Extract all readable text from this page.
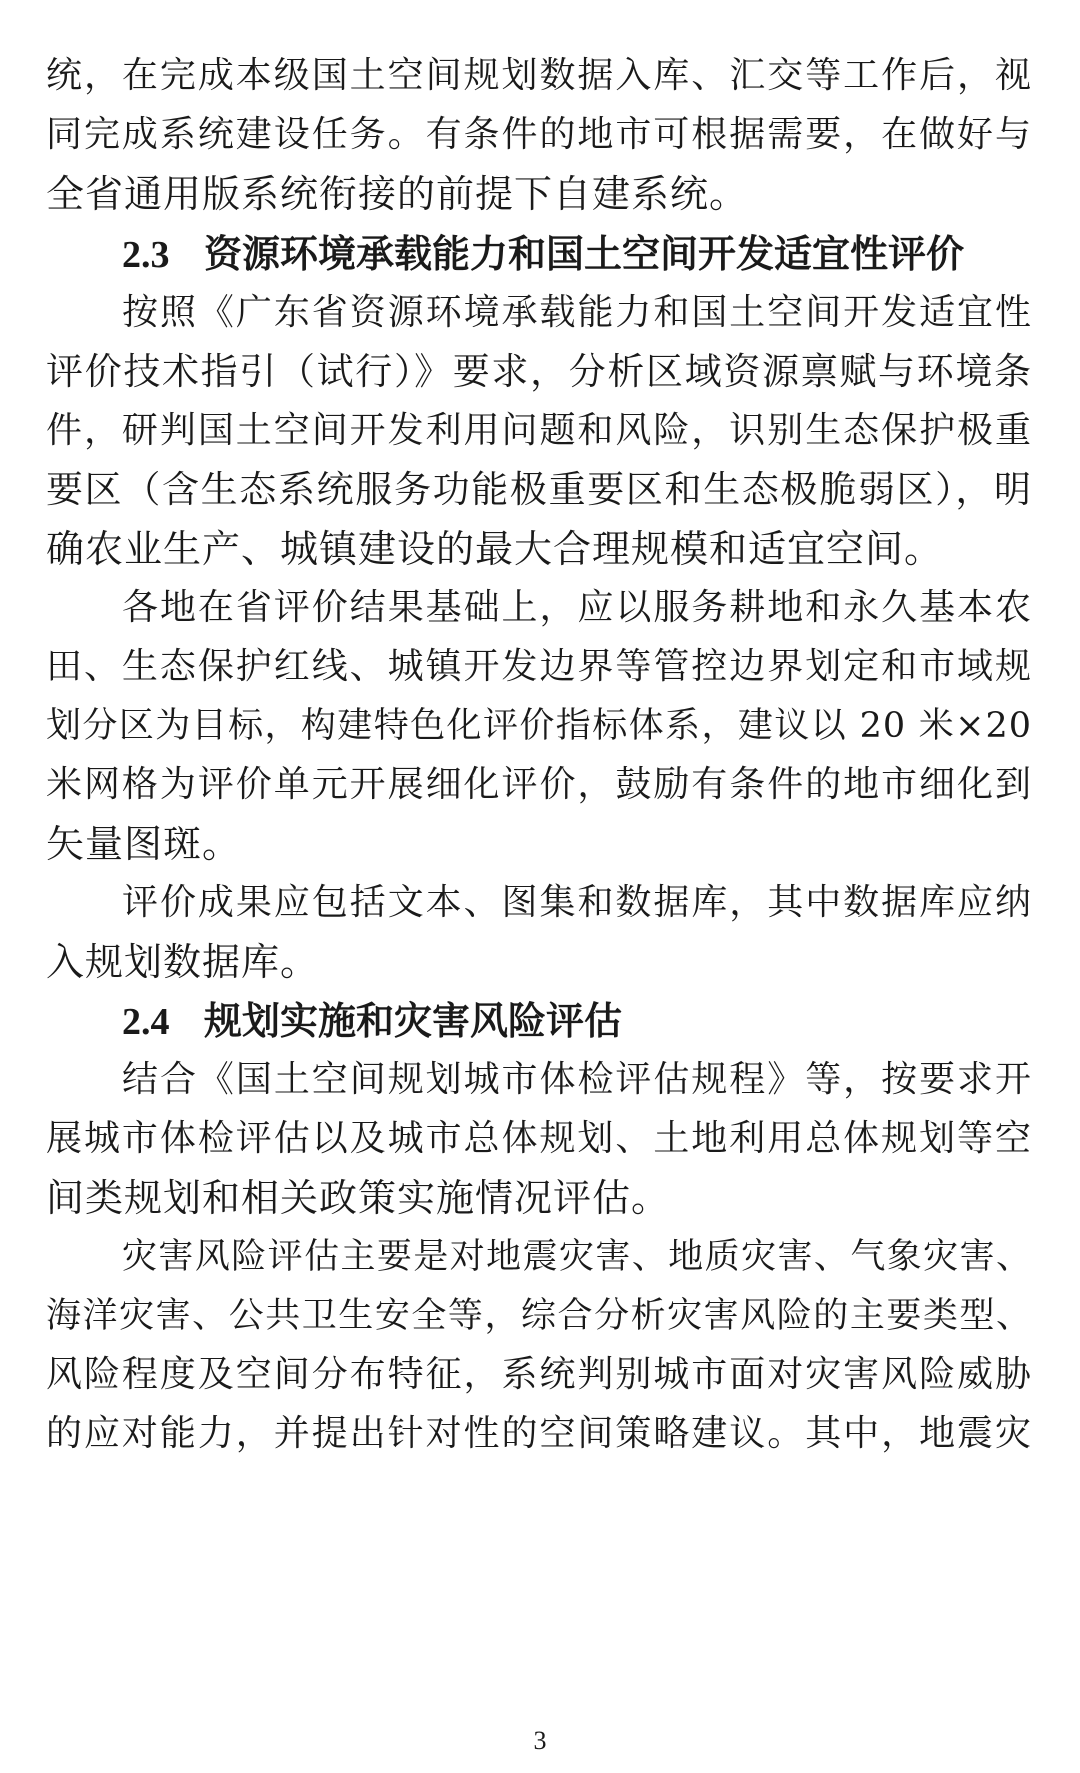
统，在完成本级国土空间规划数据入库、汇交等工作后，视
同完成系统建设任务。有条件的地市可根据需要，在做好与
全省通用版系统衔接的前提下自建系统。
2.3 资源环境承载能力和国土空间开发适宜性评价
按照《广东省资源环境承载能力和国土空间开发适宜性
评价技术指引（试行）》要求，分析区域资源禀赋与环境条
件，研判国土空间开发利用问题和风险，识别生态保护极重
要区（含生态系统服务功能极重要区和生态极脆弱区），明
确农业生产、城镇建设的最大合理规模和适宜空间。
各地在省评价结果基础上，应以服务耕地和永久基本农
田、生态保护红线、城镇开发边界等管控边界划定和市域规
划分区为目标，构建特色化评价指标体系，建议以 20 米×20
米网格为评价单元开展细化评价，鼓励有条件的地市细化到
矢量图斑。
评价成果应包括文本、图集和数据库，其中数据库应纳
入规划数据库。
2.4 规划实施和灾害风险评估
结合《国土空间规划城市体检评估规程》等，按要求开
展城市体检评估以及城市总体规划、土地利用总体规划等空
间类规划和相关政策实施情况评估。
灾害风险评估主要是对地震灾害、地质灾害、气象灾害、
海洋灾害、公共卫生安全等，综合分析灾害风险的主要类型、
风险程度及空间分布特征，系统判别城市面对灾害风险威胁
的应对能力，并提出针对性的空间策略建议。其中，地震灾
3
